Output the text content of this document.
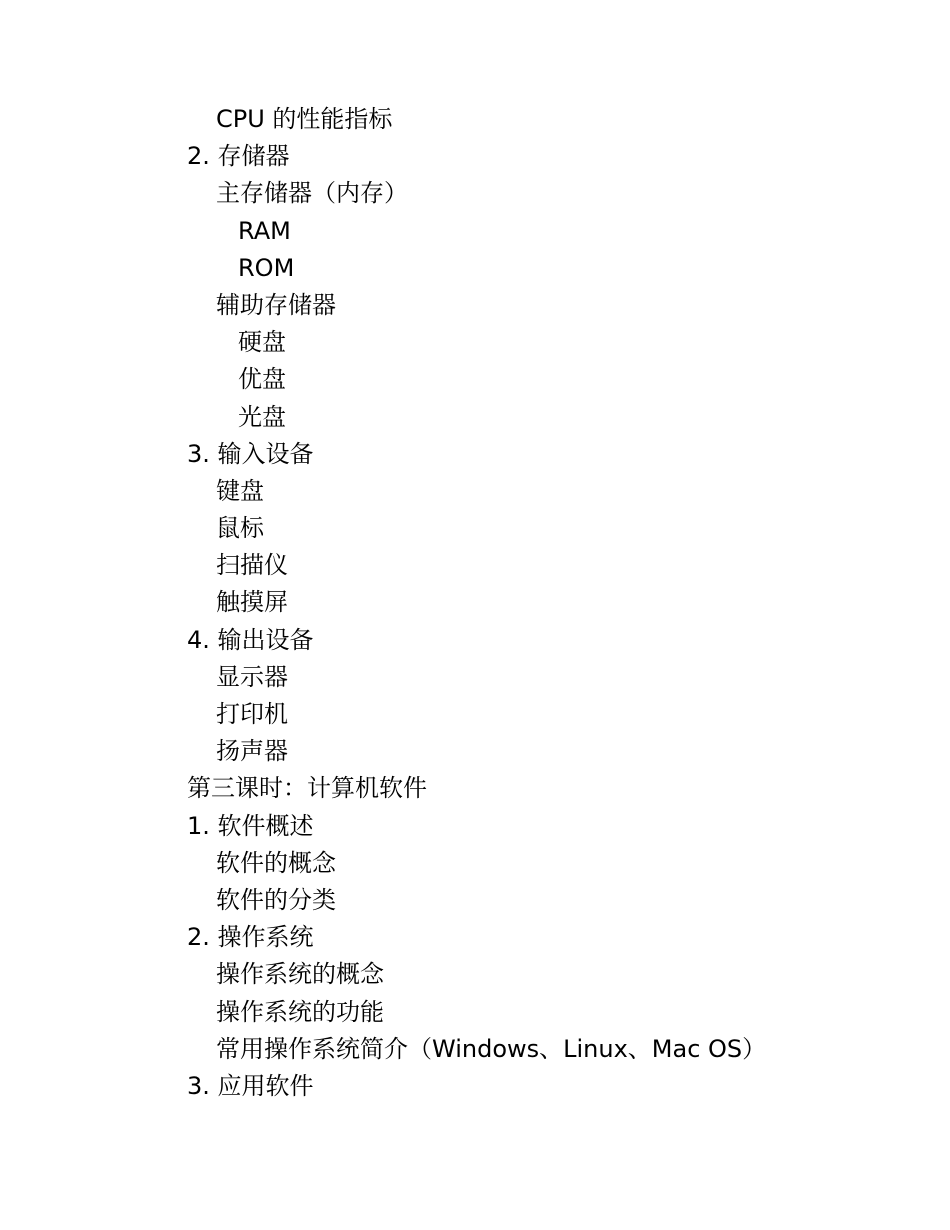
CPU 的性能指标
2. 存储器
主存储器（内存）
RAM
ROM
辅助存储器
硬盘
优盘
光盘
3. 输入设备
键盘
鼠标
扫描仪
触摸屏
4. 输出设备
显示器
打印机
扬声器
第三课时：计算机软件
1. 软件概述
软件的概念
软件的分类
2. 操作系统
操作系统的概念
操作系统的功能
常用操作系统简介（Windows、Linux、Mac OS）
3. 应用软件
